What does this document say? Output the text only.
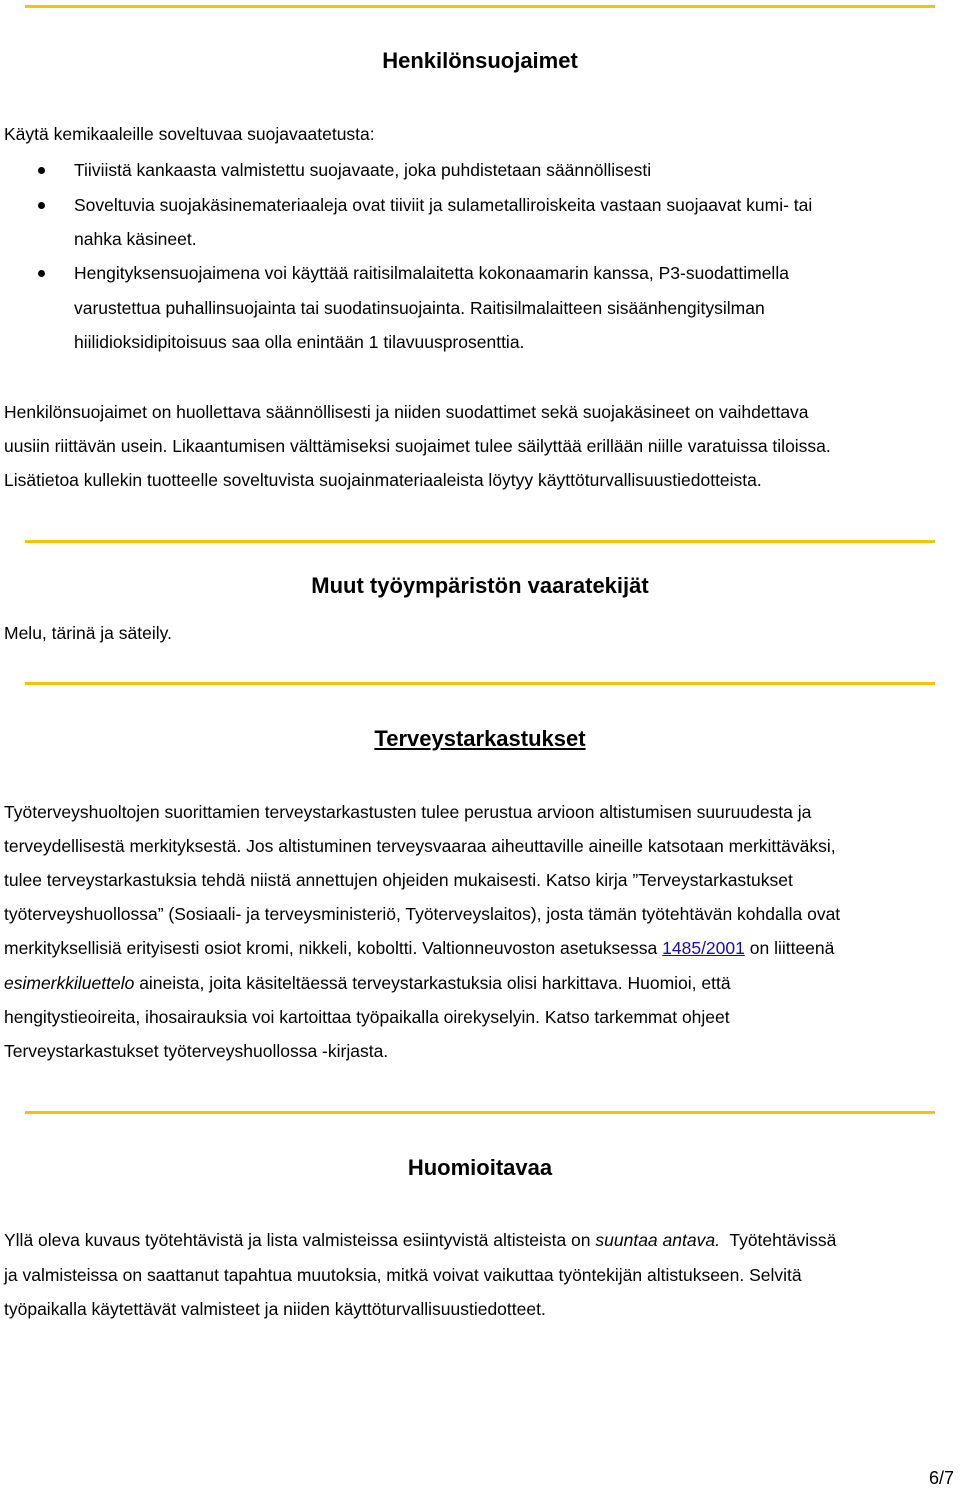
Henkilönsuojaimet

Käytä kemikaaleille soveltuvaa suojavaatetusta:

Tiiviistä kankaasta valmistettu suojavaate, joka puhdistetaan säännöllisesti

Soveltuvia suojakäsinemateriaaleja ovat tiiviit ja sulametalliroiskeita vastaan suojaavat kumi- tai

nahka käsineet.

Hengityksensuojaimena voi käyttää raitisilmalaitetta kokonaamarin kanssa, P3-suodattimella

varustettua puhallinsuojainta tai suodatinsuojainta. Raitisilmalaitteen sisäänhengitysilman

hiilidioksidipitoisuus saa olla enintään 1 tilavuusprosenttia.

Henkilönsuojaimet on huollettava säännöllisesti ja niiden suodattimet sekä suojakäsineet on vaihdettava

uusiin riittävän usein. Likaantumisen välttämiseksi suojaimet tulee säilyttää erillään niille varatuissa tiloissa.

Lisätietoa kullekin tuotteelle soveltuvista suojainmateriaaleista löytyy käyttöturvallisuustiedotteista.

Muut työympäristön vaaratekijät

Melu, tärinä ja säteily.

Terveystarkastukset

Työterveyshuoltojen suorittamien terveystarkastusten tulee perustua arvioon altistumisen suuruudesta ja

terveydellisestä merkityksestä. Jos altistuminen terveysvaaraa aiheuttaville aineille katsotaan merkittäväksi,

tulee terveystarkastuksia tehdä niistä annettujen ohjeiden mukaisesti. Katso kirja ”Terveystarkastukset

työterveyshuollossa” (Sosiaali- ja terveysministeriö, Työterveyslaitos), josta tämän työtehtävän kohdalla ovat

merkityksellisiä erityisesti osiot kromi, nikkeli, koboltti. Valtionneuvoston asetuksessa 1485/2001 on liitteenä

esimerkkiluettelo aineista, joita käsiteltäessä terveystarkastuksia olisi harkittava. Huomioi, että

hengitystieoireita, ihosairauksia voi kartoittaa työpaikalla oirekyselyin. Katso tarkemmat ohjeet

Terveystarkastukset työterveyshuollossa -kirjasta.

Huomioitavaa

Yllä oleva kuvaus työtehtävistä ja lista valmisteissa esiintyvistä altisteista on suuntaa antava.  Työtehtävissä

ja valmisteissa on saattanut tapahtua muutoksia, mitkä voivat vaikuttaa työntekijän altistukseen. Selvitä

työpaikalla käytettävät valmisteet ja niiden käyttöturvallisuustiedotteet.

6/7
